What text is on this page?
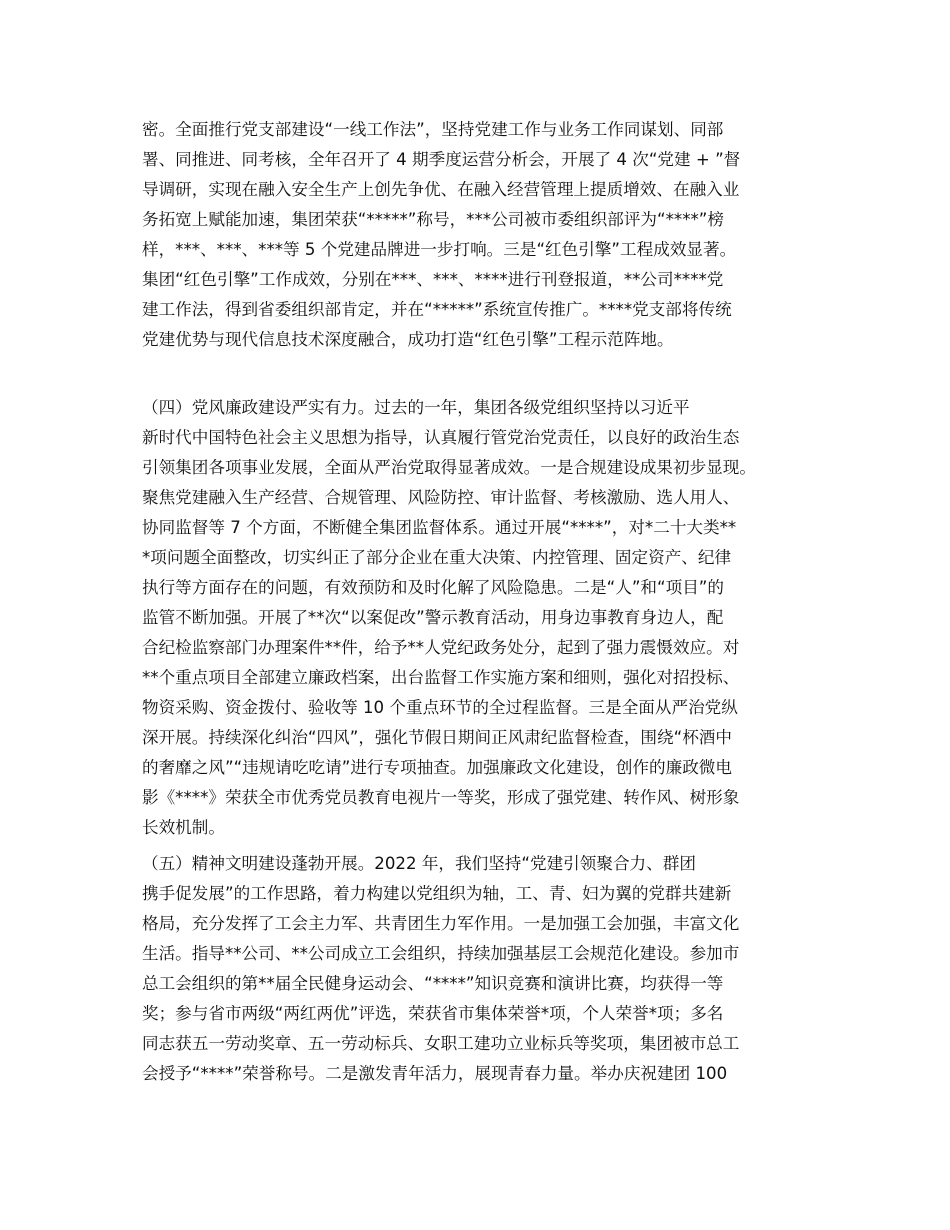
密。全面推行党支部建设“一线工作法”，坚持党建工作与业务工作同谋划、同部
署、同推进、同考核，全年召开了 4 期季度运营分析会，开展了 4 次“党建 + ”督
导调研，实现在融入安全生产上创先争优、在融入经营管理上提质增效、在融入业
务拓宽上赋能加速，集团荣获“*****”称号，***公司被市委组织部评为“****”榜
样，***、***、***等 5 个党建品牌进一步打响。三是“红色引擎”工程成效显著。
集团“红色引擎”工作成效，分别在***、***、****进行刊登报道，**公司****党
建工作法，得到省委组织部肯定，并在“*****”系统宣传推广。****党支部将传统
党建优势与现代信息技术深度融合，成功打造“红色引擎”工程示范阵地。
（四）党风廉政建设严实有力。过去的一年，集团各级党组织坚持以习近平
新时代中国特色社会主义思想为指导，认真履行管党治党责任，以良好的政治生态
引领集团各项事业发展，全面从严治党取得显著成效。一是合规建设成果初步显现。
聚焦党建融入生产经营、合规管理、风险防控、审计监督、考核激励、选人用人、
协同监督等 7 个方面，不断健全集团监督体系。通过开展“****”，对*二十大类**
*项问题全面整改，切实纠正了部分企业在重大决策、内控管理、固定资产、纪律
执行等方面存在的问题，有效预防和及时化解了风险隐患。二是“人”和“项目”的
监管不断加强。开展了**次“以案促改”警示教育活动，用身边事教育身边人，配
合纪检监察部门办理案件**件，给予**人党纪政务处分，起到了强力震慑效应。对
**个重点项目全部建立廉政档案，出台监督工作实施方案和细则，强化对招投标、
物资采购、资金拨付、验收等 10 个重点环节的全过程监督。三是全面从严治党纵
深开展。持续深化纠治“四风”，强化节假日期间正风肃纪监督检查，围绕“杯酒中
的奢靡之风”“违规请吃吃请”进行专项抽查。加强廉政文化建设，创作的廉政微电
影《****》荣获全市优秀党员教育电视片一等奖，形成了强党建、转作风、树形象
长效机制。
（五）精神文明建设蓬勃开展。2022 年，我们坚持“党建引领聚合力、群团
携手促发展”的工作思路，着力构建以党组织为轴，工、青、妇为翼的党群共建新
格局，充分发挥了工会主力军、共青团生力军作用。一是加强工会加强，丰富文化
生活。指导**公司、**公司成立工会组织，持续加强基层工会规范化建设。参加市
总工会组织的第**届全民健身运动会、“****”知识竞赛和演讲比赛，均获得一等
奖；参与省市两级“两红两优”评选，荣获省市集体荣誉*项，个人荣誉*项；多名
同志获五一劳动奖章、五一劳动标兵、女职工建功立业标兵等奖项，集团被市总工
会授予“****”荣誉称号。二是激发青年活力，展现青春力量。举办庆祝建团 100
